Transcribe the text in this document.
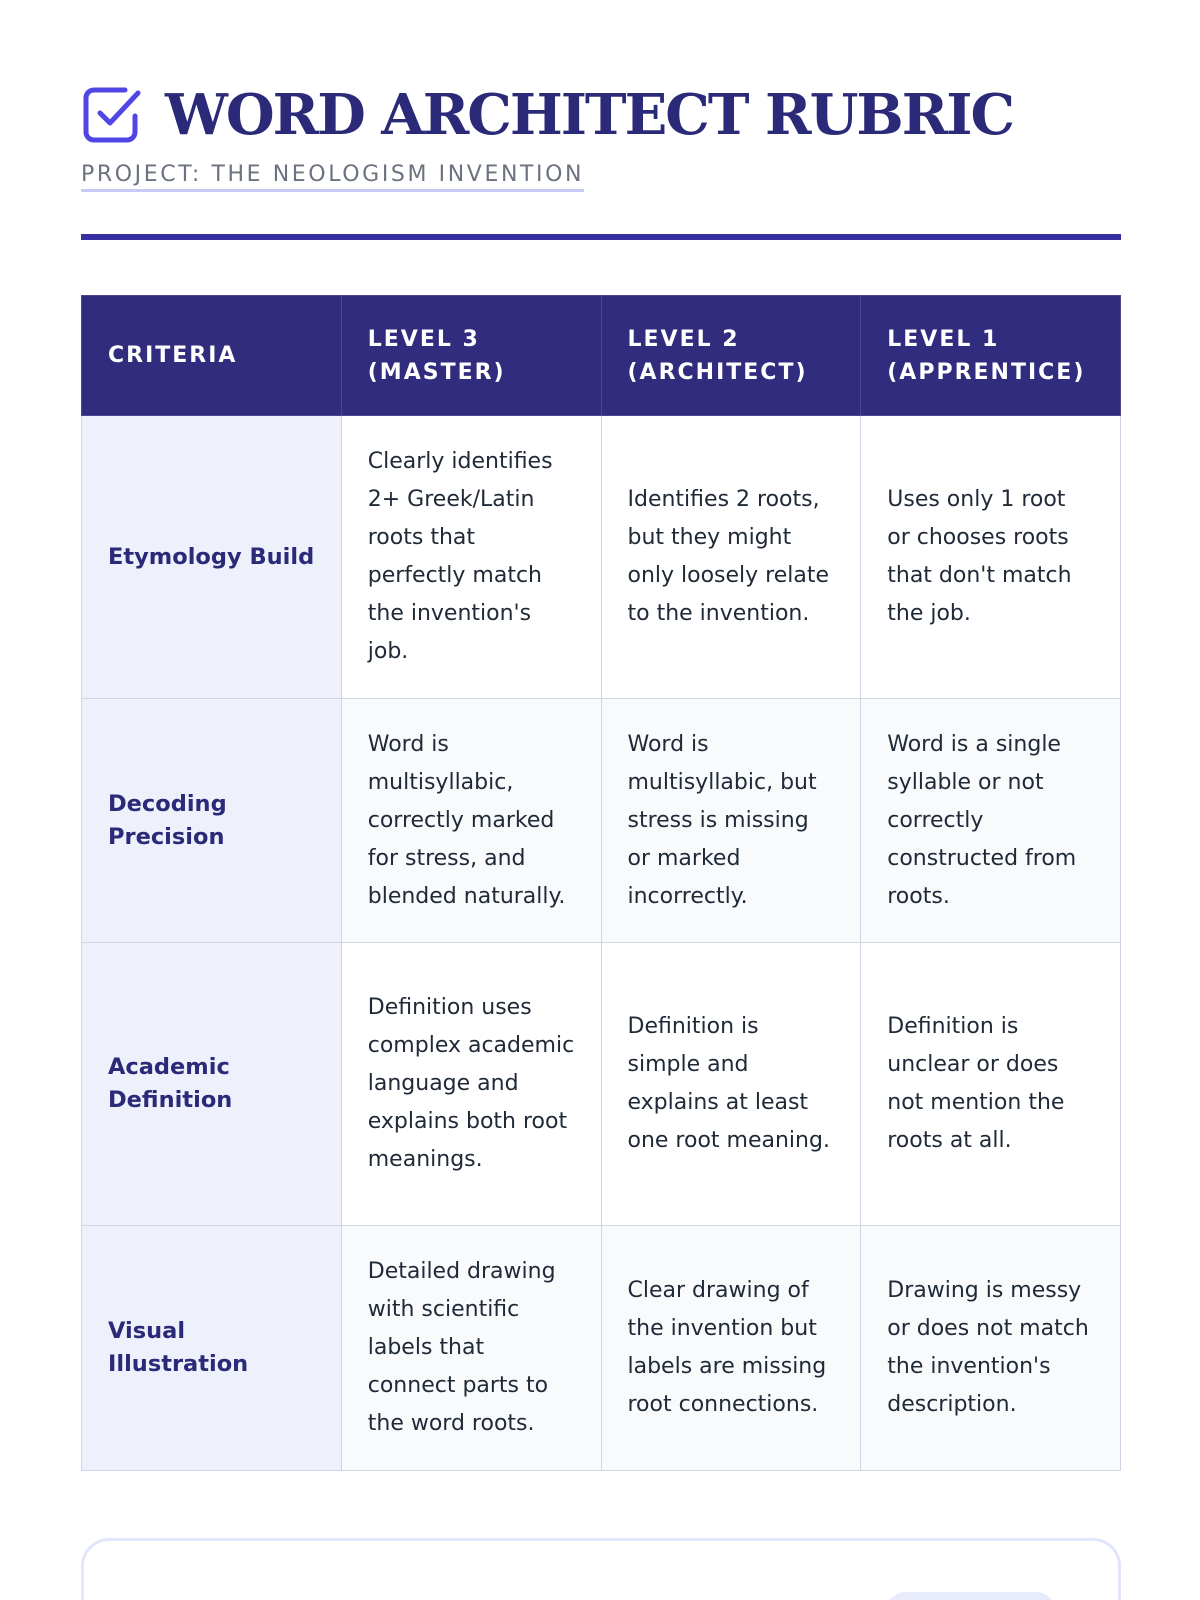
WORD ARCHITECT RUBRIC
PROJECT: THE NEOLOGISM INVENTION
CRITERIA	LEVEL 3 (MASTER)	LEVEL 2 (ARCHITECT)	LEVEL 1 (APPRENTICE)
Etymology Build	Clearly identifies 2+ Greek/Latin roots that perfectly match the invention's job.	Identifies 2 roots, but they might only loosely relate to the invention.	Uses only 1 root or chooses roots that don't match the job.
Decoding Precision	Word is multisyllabic, correctly marked for stress, and blended naturally.	Word is multisyllabic, but stress is missing or marked incorrectly.	Word is a single syllable or not correctly constructed from roots.
Academic Definition	Definition uses complex academic language and explains both root meanings.	Definition is simple and explains at least one root meaning.	Definition is unclear or does not mention the roots at all.
Visual Illustration	Detailed drawing with scientific labels that connect parts to the word roots.	Clear drawing of the invention but labels are missing root connections.	Drawing is messy or does not match the invention's description.
